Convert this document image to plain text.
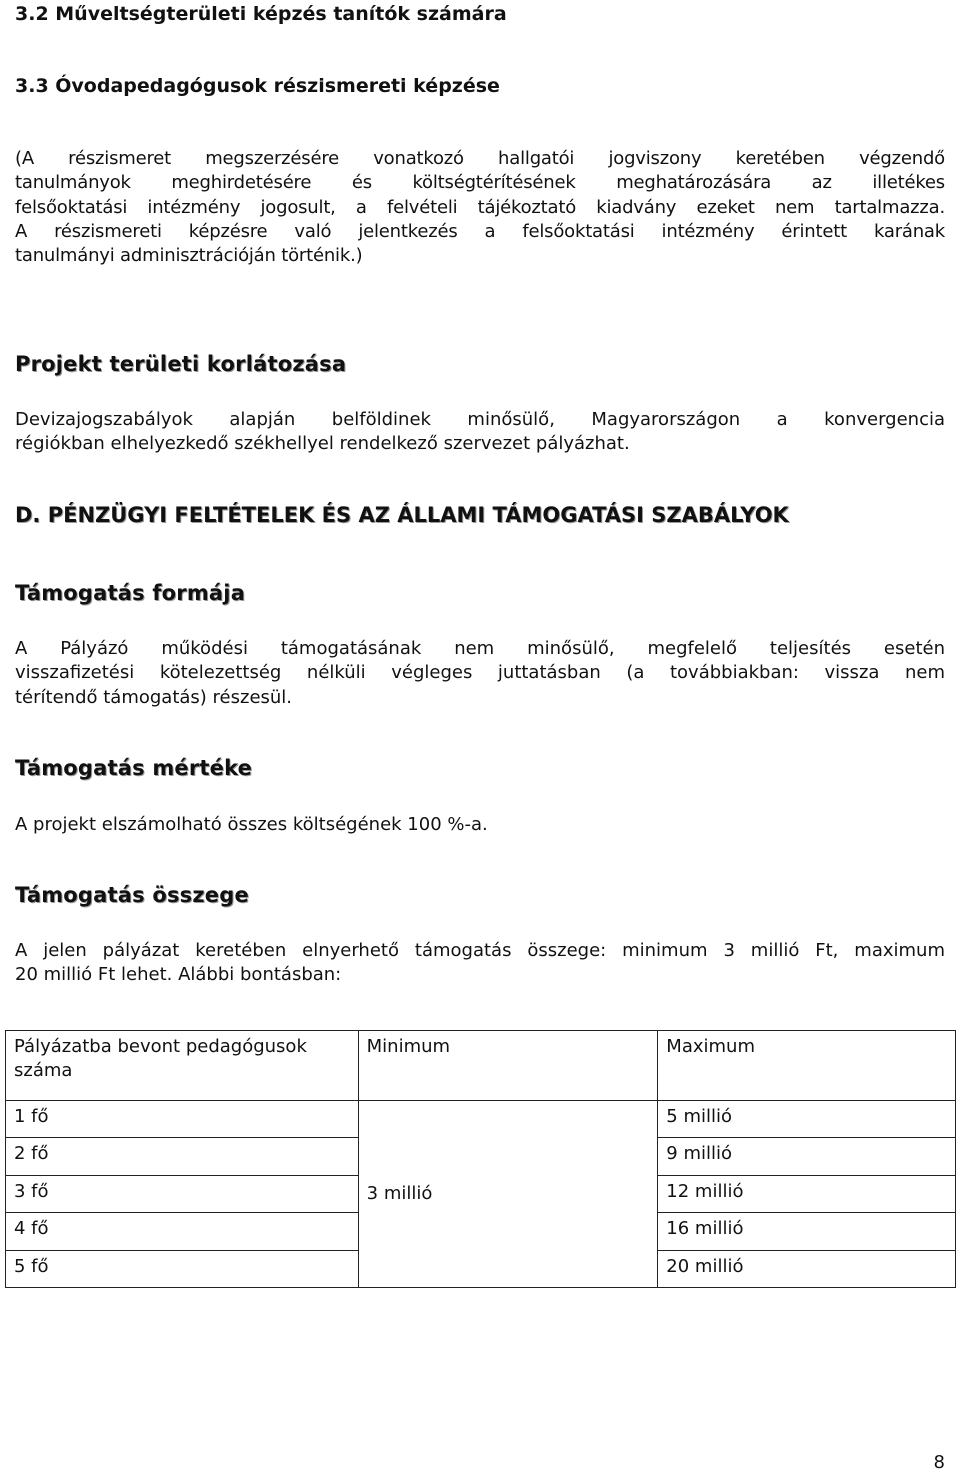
3.2 Műveltségterületi képzés tanítók számára
3.3 Óvodapedagógusok részismereti képzése
(A részismeret megszerzésére vonatkozó hallgatói jogviszony keretében végzendő
tanulmányok meghirdetésére és költségtérítésének meghatározására az illetékes
felsőoktatási intézmény jogosult, a felvételi tájékoztató kiadvány ezeket nem tartalmazza.
A részismereti képzésre való jelentkezés a felsőoktatási intézmény érintett karának
tanulmányi adminisztrációján történik.)
Projekt területi korlátozása
Devizajogszabályok alapján belföldinek minősülő, Magyarországon a konvergencia
régiókban elhelyezkedő székhellyel rendelkező szervezet pályázhat.
D. PÉNZÜGYI FELTÉTELEK ÉS AZ ÁLLAMI TÁMOGATÁSI SZABÁLYOK
Támogatás formája
A Pályázó működési támogatásának nem minősülő, megfelelő teljesítés esetén
visszafizetési kötelezettség nélküli végleges juttatásban (a továbbiakban: vissza nem
térítendő támogatás) részesül.
Támogatás mértéke
A projekt elszámolható összes költségének 100 %-a.
Támogatás összege
A jelen pályázat keretében elnyerhető támogatás összege: minimum 3 millió Ft, maximum
20 millió Ft lehet. Alábbi bontásban:
Pályázatba bevont pedagógusok száma	Minimum	Maximum
1 fő	3 millió	5 millió
2 fő		9 millió
3 fő		12 millió
4 fő		16 millió
5 fő		20 millió
8
